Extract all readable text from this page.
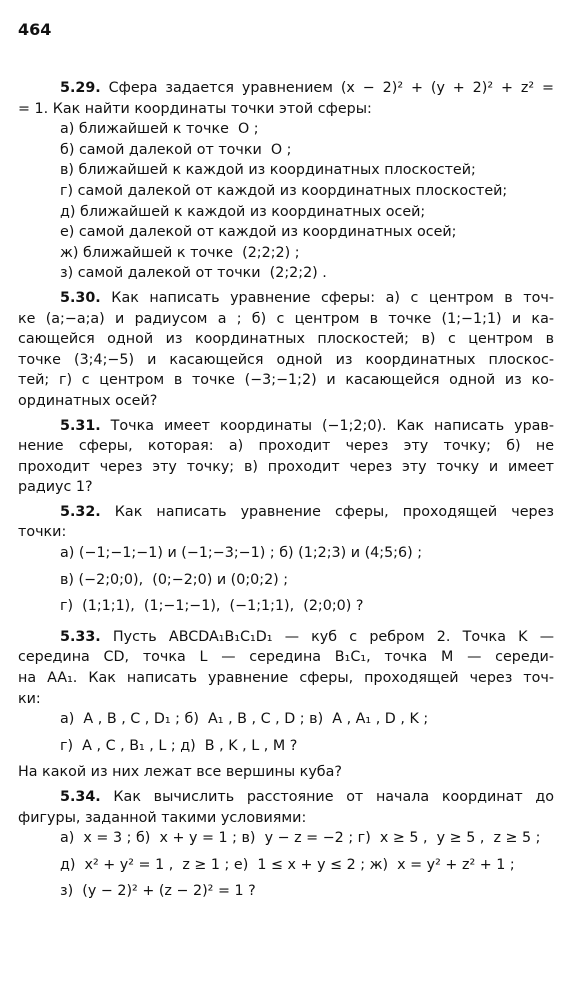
464
5.29. Сфера задается уравнением (x − 2)² + (y + 2)² + z² =
= 1. Как найти координаты точки этой сферы:
а) ближайшей к точке  O ;
б) самой далекой от точки  O ;
в) ближайшей к каждой из координатных плоскостей;
г) самой далекой от каждой из координатных плоскостей;
д) ближайшей к каждой из координатных осей;
е) самой далекой от каждой из координатных осей;
ж) ближайшей к точке  (2;2;2) ;
з) самой далекой от точки  (2;2;2) .
5.30. Как написать уравнение сферы: а) с центром в точ-
ке (a;−a;a) и радиусом a ; б) с центром в точке (1;−1;1) и ка-
сающейся одной из координатных плоскостей; в) с центром в
точке (3;4;−5) и касающейся одной из координатных плоскос-
тей; г) с центром в точке (−3;−1;2) и касающейся одной из ко-
ординатных осей?
5.31. Точка имеет координаты (−1;2;0). Как написать урав-
нение сферы, которая: а) проходит через эту точку; б) не
проходит через эту точку; в) проходит через эту точку и имеет
радиус 1?
5.32. Как написать уравнение сферы, проходящей через
точки:
а) (−1;−1;−1) и (−1;−3;−1) ; б) (1;2;3) и (4;5;6) ;
в) (−2;0;0),  (0;−2;0) и (0;0;2) ;
г)  (1;1;1),  (1;−1;−1),  (−1;1;1),  (2;0;0) ?
5.33. Пусть ABCDA₁B₁C₁D₁ — куб с ребром 2. Точка K —
середина CD, точка L — середина B₁C₁, точка M — середи-
на AA₁. Как написать уравнение сферы, проходящей через точ-
ки:
а)  A , B , C , D₁ ; б)  A₁ , B , C , D ; в)  A , A₁ , D , K ;
г)  A , C , B₁ , L ; д)  B , K , L , M ?
На какой из них лежат все вершины куба?
5.34. Как вычислить расстояние от начала координат до
фигуры, заданной такими условиями:
а)  x = 3 ; б)  x + y = 1 ; в)  y − z = −2 ; г)  x ≥ 5 ,  y ≥ 5 ,  z ≥ 5 ;
д)  x² + y² = 1 ,  z ≥ 1 ; е)  1 ≤ x + y ≤ 2 ; ж)  x = y² + z² + 1 ;
з)  (y − 2)² + (z − 2)² = 1 ?
